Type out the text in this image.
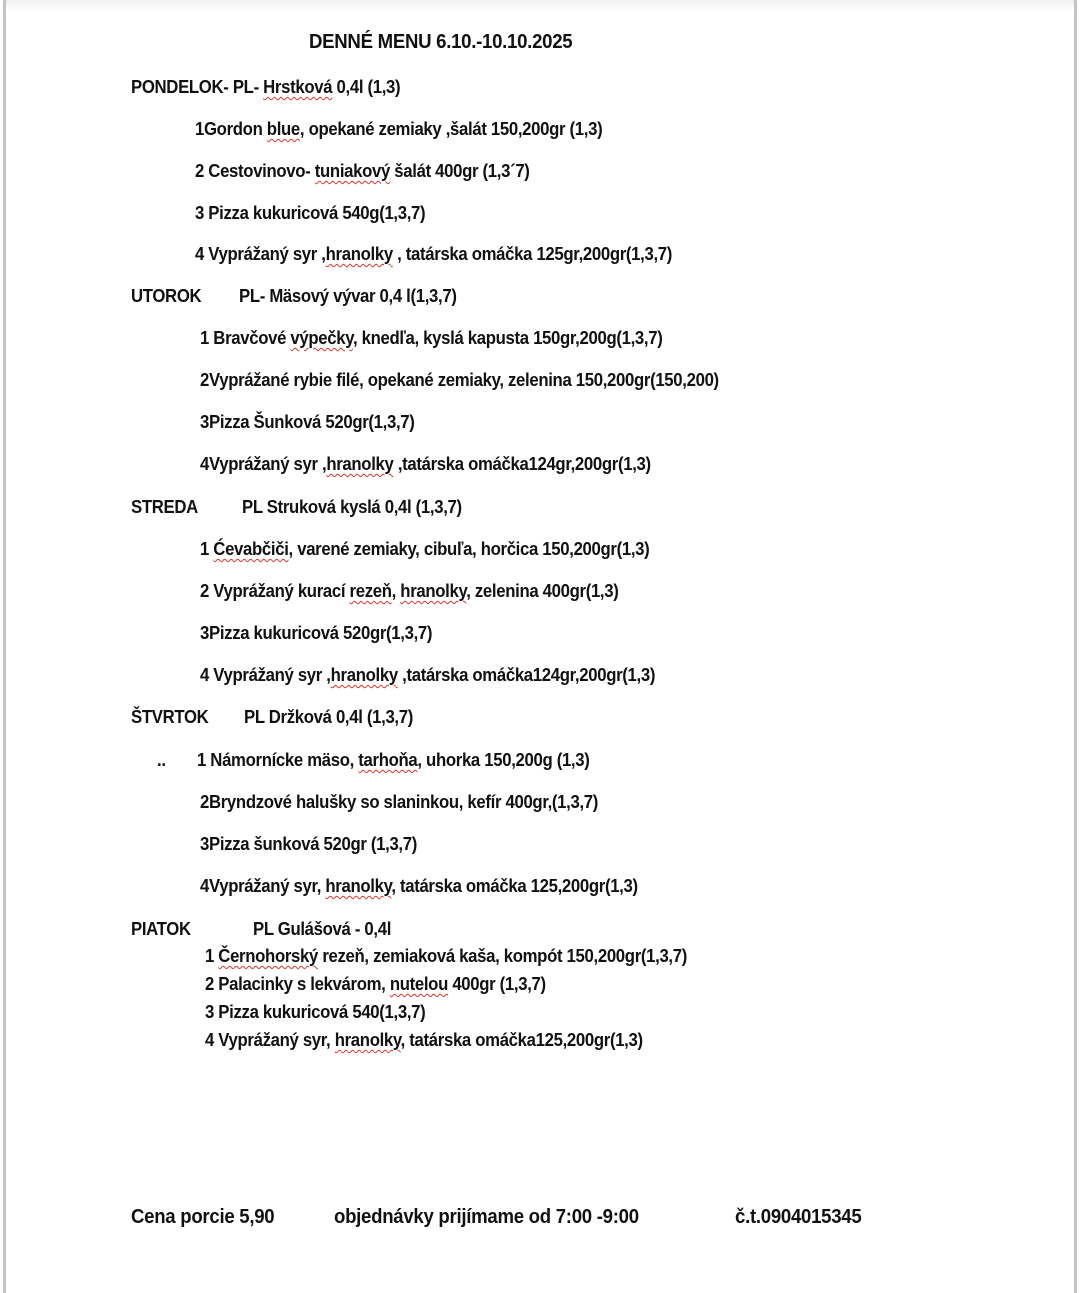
DENNÉ MENU 6.10.-10.10.2025
PONDELOK- PL- Hrstková 0,4l (1,3)
1Gordon blue, opekané zemiaky ,šalát 150,200gr (1,3)
2 Cestovinovo- tuniakový šalát 400gr (1,3´7)
3 Pizza kukuricová 540g(1,3,7)
4 Vyprážaný syr ,hranolky , tatárska omáčka 125gr,200gr(1,3,7)
UTOROK PL- Mäsový vývar 0,4 l(1,3,7)
1 Bravčové výpečky, knedľa, kyslá kapusta 150gr,200g(1,3,7)
2Vyprážané rybie filé, opekané zemiaky, zelenina 150,200gr(150,200)
3Pizza Šunková 520gr(1,3,7)
4Vyprážaný syr ,hranolky ,tatárska omáčka124gr,200gr(1,3)
STREDA PL Struková kyslá 0,4l (1,3,7)
1 Ćevabčiči, varené zemiaky, cibuľa, horčica 150,200gr(1,3)
2 Vyprážaný kurací rezeň, hranolky, zelenina 400gr(1,3)
3Pizza kukuricová 520gr(1,3,7)
4 Vyprážaný syr ,hranolky ,tatárska omáčka124gr,200gr(1,3)
ŠTVRTOK PL Držková 0,4l (1,3,7)
.. 1 Námornícke mäso, tarhoňa, uhorka 150,200g (1,3)
2Bryndzové halušky so slaninkou, kefír 400gr,(1,3,7)
3Pizza šunková 520gr (1,3,7)
4Vyprážaný syr, hranolky, tatárska omáčka 125,200gr(1,3)
PIATOK	PL Gulášová - 0,4l
1 Černohorský rezeň, zemiaková kaša, kompót 150,200gr(1,3,7)
2 Palacinky s lekvárom, nutelou 400gr (1,3,7)
3 Pizza kukuricová 540(1,3,7)
4 Vyprážaný syr, hranolky, tatárska omáčka125,200gr(1,3)
Cena porcie 5,90	objednávky prijímame od 7:00 -9:00	č.t.0904015345
